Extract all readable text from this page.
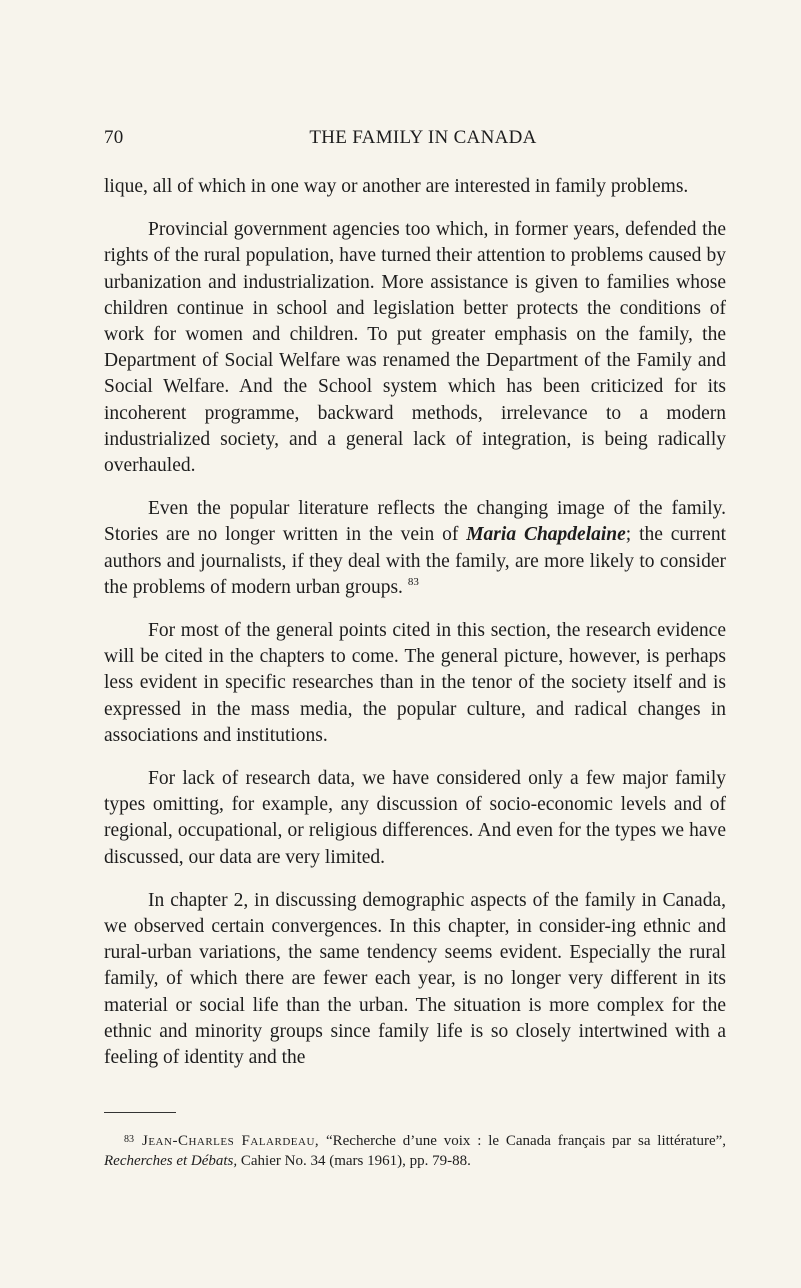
70	THE FAMILY IN CANADA

lique, all of which in one way or another are interested in family problems.

Provincial government agencies too which, in former years, defended the rights of the rural population, have turned their attention to problems caused by urbanization and industrialization. More assistance is given to families whose children continue in school and legislation better protects the conditions of work for women and children. To put greater emphasis on the family, the Department of Social Welfare was renamed the Department of the Family and Social Welfare. And the School system which has been criticized for its incoherent programme, backward methods, irrelevance to a modern industrialized society, and a general lack of integration, is being radically overhauled.

Even the popular literature reflects the changing image of the family. Stories are no longer written in the vein of Maria Chapdelaine; the current authors and journalists, if they deal with the family, are more likely to consider the problems of modern urban groups. $^{83}$

For most of the general points cited in this section, the research evidence will be cited in the chapters to come. The general picture, however, is perhaps less evident in specific researches than in the tenor of the society itself and is expressed in the mass media, the popular culture, and radical changes in associations and institutions.

For lack of research data, we have considered only a few major family types omitting, for example, any discussion of socio-economic levels and of regional, occupational, or religious differences. And even for the types we have discussed, our data are very limited.

In chapter 2, in discussing demographic aspects of the family in Canada, we observed certain convergences. In this chapter, in consider-ing ethnic and rural-urban variations, the same tendency seems evident. Especially the rural family, of which there are fewer each year, is no longer very different in its material or social life than the urban. The situation is more complex for the ethnic and minority groups since family life is so closely intertwined with a feeling of identity and the

$^{83}$ Jean-Charles Falardeau, “Recherche d’une voix : le Canada français par sa littérature”, Recherches et Débats, Cahier No. 34 (mars 1961), pp. 79-88.
